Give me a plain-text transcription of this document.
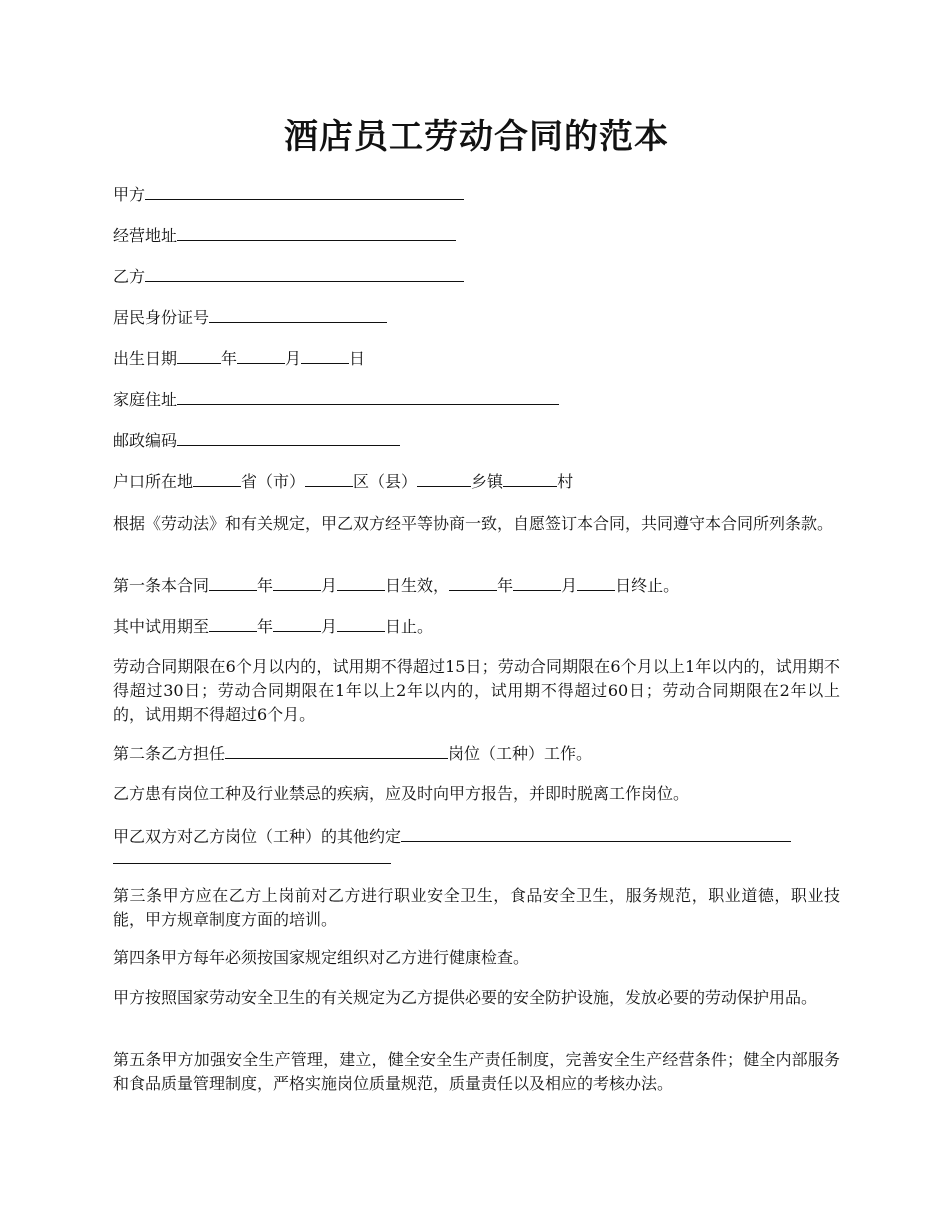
酒店员工劳动合同的范本
甲方
经营地址
乙方
居民身份证号
出生日期	年	月	日
家庭住址
邮政编码
户口所在地	省（市）	区（县）	乡镇	村
根据《劳动法》和有关规定，甲乙双方经平等协商一致，自愿签订本合同，共同遵守本合同所列条款。
第一条本合同	年	月	日生效，	年	月 日终止。
其中试用期至	年	月	日止。
劳动合同期限在6个月以内的，试用期不得超过15日；劳动合同期限在6个月以上1年以内的，试用期不得超过30日；劳动合同期限在1年以上2年以内的，试用期不得超过60日；劳动合同期限在2年以上的，试用期不得超过6个月。
第二条乙方担任	岗位（工种）工作。
乙方患有岗位工种及行业禁忌的疾病，应及时向甲方报告，并即时脱离工作岗位。
甲乙双方对乙方岗位（工种）的其他约定
第三条甲方应在乙方上岗前对乙方进行职业安全卫生，食品安全卫生，服务规范，职业道德，职业技能，甲方规章制度方面的培训。
第四条甲方每年必须按国家规定组织对乙方进行健康检查。
甲方按照国家劳动安全卫生的有关规定为乙方提供必要的安全防护设施，发放必要的劳动保护用品。
第五条甲方加强安全生产管理，建立，健全安全生产责任制度，完善安全生产经营条件；健全内部服务和食品质量管理制度，严格实施岗位质量规范，质量责任以及相应的考核办法。
